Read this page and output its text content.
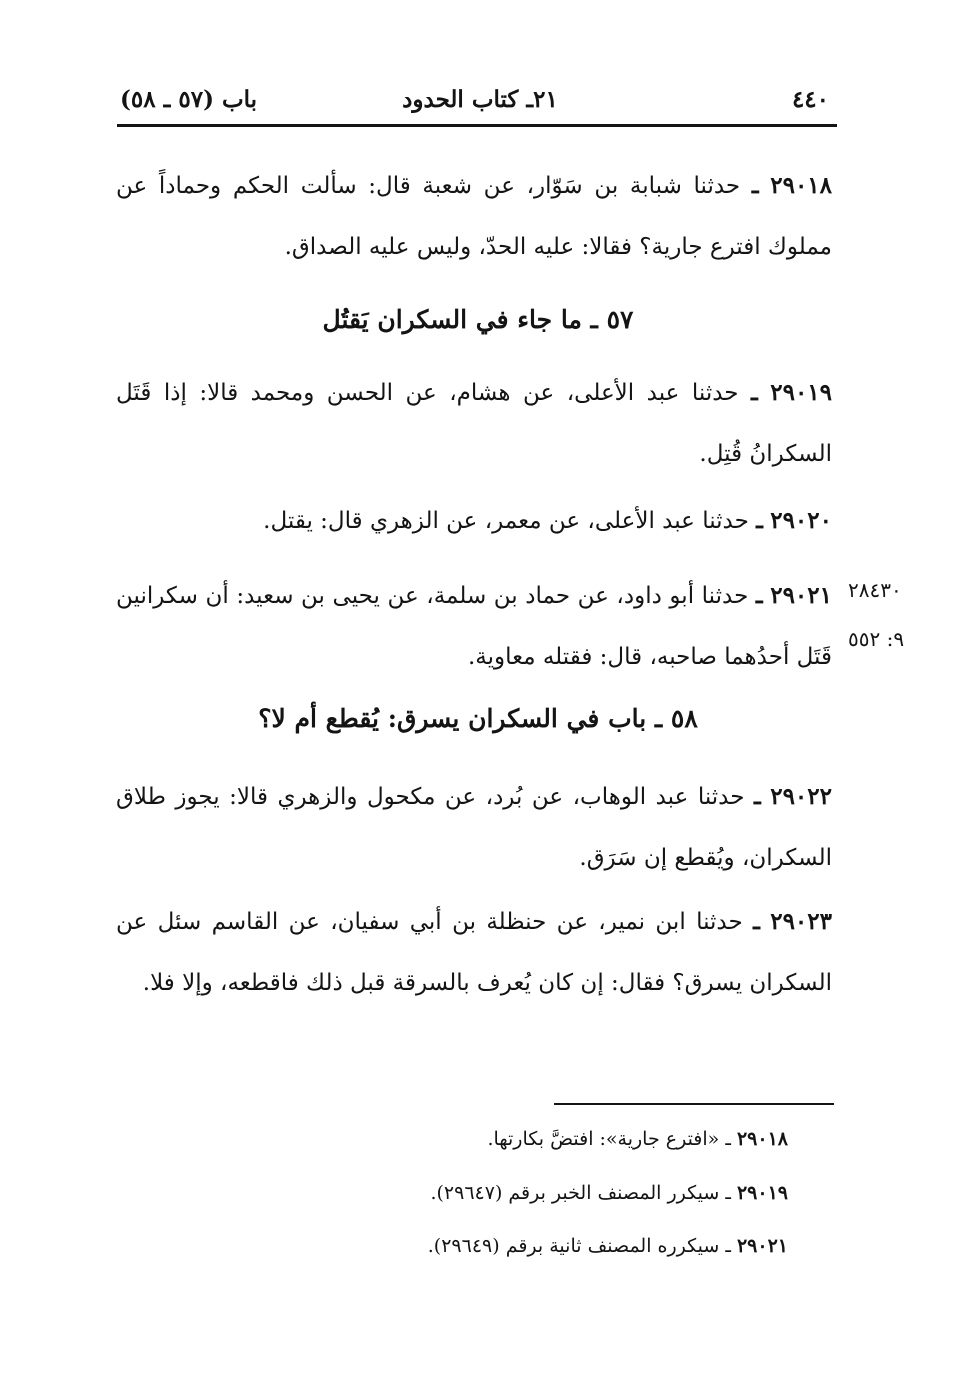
٤٤٠
٢١ـ كتاب الحدود
باب (٥٧ ـ ٥٨)
٢٩٠١٨ ـ حدثنا شبابة بن سَوّار، عن شعبة قال: سألت الحكم وحماداً عن مملوك افترع جارية؟ فقالا: عليه الحدّ، وليس عليه الصداق.
٥٧ ـ ما جاء في السكران يَقتُل
٢٩٠١٩ ـ حدثنا عبد الأعلى، عن هشام، عن الحسن ومحمد قالا: إذا قَتَل السكرانُ قُتِل.
٢٩٠٢٠ ـ حدثنا عبد الأعلى، عن معمر، عن الزهري قال: يقتل.
٢٩٠٢١ ـ حدثنا أبو داود، عن حماد بن سلمة، عن يحيى بن سعيد: أن سكرانين قَتَل أحدُهما صاحبه، قال: فقتله معاوية.
٢٨٤٣٠
٩: ٥٥٢
٥٨ ـ باب في السكران يسرق: يُقطع أم لا؟
٢٩٠٢٢ ـ حدثنا عبد الوهاب، عن بُرد، عن مكحول والزهري قالا: يجوز طلاق السكران، ويُقطع إن سَرَق.
٢٩٠٢٣ ـ حدثنا ابن نمير، عن حنظلة بن أبي سفيان، عن القاسم سئل عن السكران يسرق؟ فقال: إن كان يُعرف بالسرقة قبل ذلك فاقطعه، وإلا فلا.
٢٩٠١٨ ـ «افترع جارية»: افتضَّ بكارتها.
٢٩٠١٩ ـ سيكرر المصنف الخبر برقم (٢٩٦٤٧).
٢٩٠٢١ ـ سيكرره المصنف ثانية برقم (٢٩٦٤٩).
